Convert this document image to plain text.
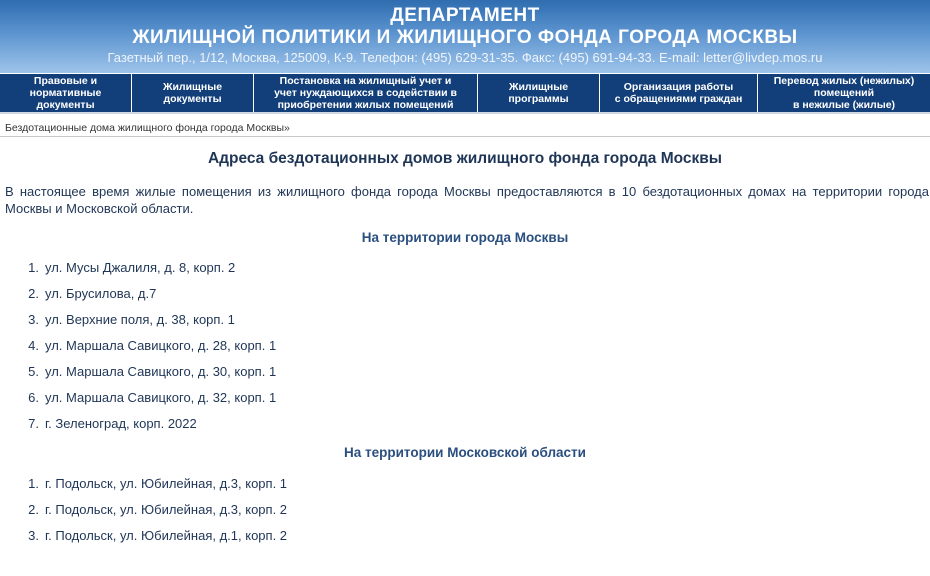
ДЕПАРТАМЕНТ
ЖИЛИЩНОЙ ПОЛИТИКИ И ЖИЛИЩНОГО ФОНДА ГОРОДА МОСКВЫ
Газетный пер., 1/12, Москва, 125009, К-9. Телефон: (495) 629-31-35. Факс: (495) 691-94-33. E-mail: letter@livdep.mos.ru
Правовые и
нормативные
документы
Жилищные
документы
Постановка на жилищный учет и
учет нуждающихся в содействии в
приобретении жилых помещений
Жилищные
программы
Организация работы
с обращениями граждан
Перевод жилых (нежилых)
помещений
в нежилые (жилые)
Бездотационные дома жилищного фонда города Москвы»
Адреса бездотационных домов жилищного фонда города Москвы
В настоящее время жилые помещения из жилищного фонда города Москвы предоставляются в 10 бездотационных домах на территории города Москвы и Московской области.
На территории города Москвы
1. ул. Мусы Джалиля, д. 8, корп. 2
2. ул. Брусилова, д.7
3. ул. Верхние поля, д. 38, корп. 1
4. ул. Маршала Савицкого, д. 28, корп. 1
5. ул. Маршала Савицкого, д. 30, корп. 1
6. ул. Маршала Савицкого, д. 32, корп. 1
7. г. Зеленоград, корп. 2022
На территории Московской области
1. г. Подольск, ул. Юбилейная, д.3, корп. 1
2. г. Подольск, ул. Юбилейная, д.3, корп. 2
3. г. Подольск, ул. Юбилейная, д.1, корп. 2
